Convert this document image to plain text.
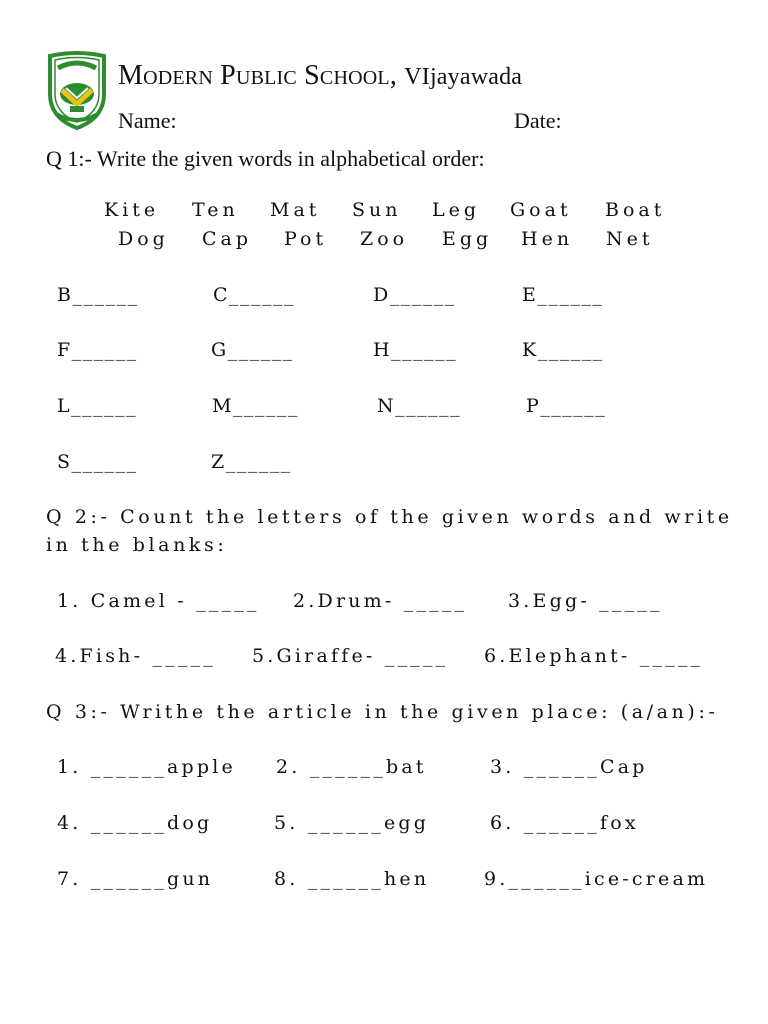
Modern Public School, VIjayawada
Name:	Date:
Q 1:- Write the given words in alphabetical order:
Kite Ten Mat Sun Leg Goat Boat
Dog Cap Pot Zoo Egg Hen Net
B______	C______	D______	E______
F______	G______	H______	K______
L______	M______	N______	P______
S______	Z______
Q 2:- Count the letters of the given words and write in the blanks:
1. Camel - _____ 2.Drum- _____ 3.Egg- _____
4.Fish- _____ 5.Giraffe- _____ 6.Elephant- _____
Q 3:- Writhe the article in the given place: (a/an):-
1. ______apple 2. ______bat	3. ______Cap
4. ______dog	5. ______egg	6. ______fox
7. ______gun	8. ______hen	9.______ice-cream
